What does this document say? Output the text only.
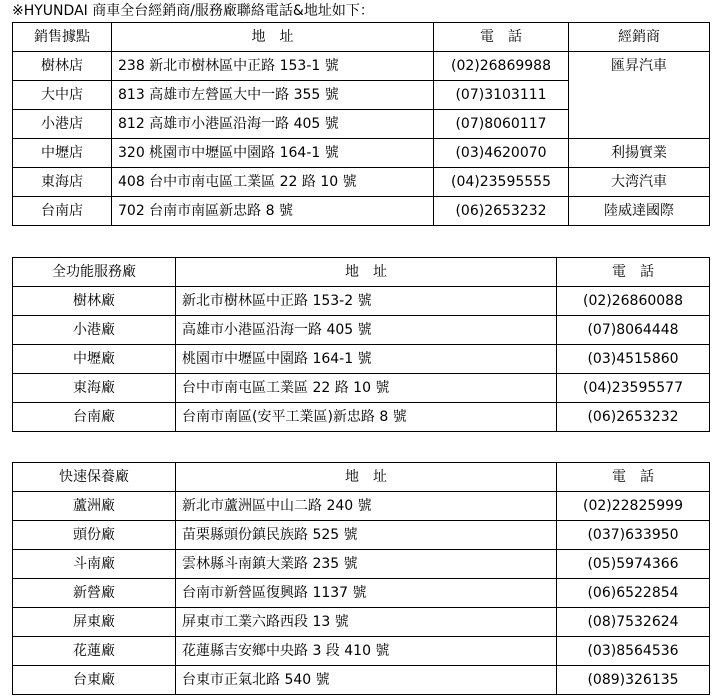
※HYUNDAI 商車全台經銷商/服務廠聯絡電話&地址如下：
銷售據點	地　址	電　話	經銷商
樹林店	238 新北市樹林區中正路 153-1 號	(02)26869988	匯昇汽車
大中店	813 高雄市左營區大中一路 355 號	(07)3103111	
小港店	812 高雄市小港區沿海一路 405 號	(07)8060117	
中壢店	320 桃園市中壢區中園路 164-1 號	(03)4620070	利揚實業
東海店	408 台中市南屯區工業區 22 路 10 號	(04)23595555	大湾汽車
台南店	702 台南市南區新忠路 8 號	(06)2653232	陸威達國際
全功能服務廠	地　址	電　話
樹林廠	新北市樹林區中正路 153-2 號	(02)26860088
小港廠	高雄市小港區沿海一路 405 號	(07)8064448
中壢廠	桃園市中壢區中園路 164-1 號	(03)4515860
東海廠	台中市南屯區工業區 22 路 10 號	(04)23595577
台南廠	台南市南區(安平工業區)新忠路 8 號	(06)2653232
快速保養廠	地　址	電　話
蘆洲廠	新北市蘆洲區中山二路 240 號	(02)22825999
頭份廠	苗栗縣頭份鎮民族路 525 號	(037)633950
斗南廠	雲林縣斗南鎮大業路 235 號	(05)5974366
新營廠	台南市新營區復興路 1137 號	(06)6522854
屏東廠	屏東市工業六路西段 13 號	(08)7532624
花蓮廠	花蓮縣吉安鄉中央路 3 段 410 號	(03)8564536
台東廠	台東市正氣北路 540 號	(089)326135
